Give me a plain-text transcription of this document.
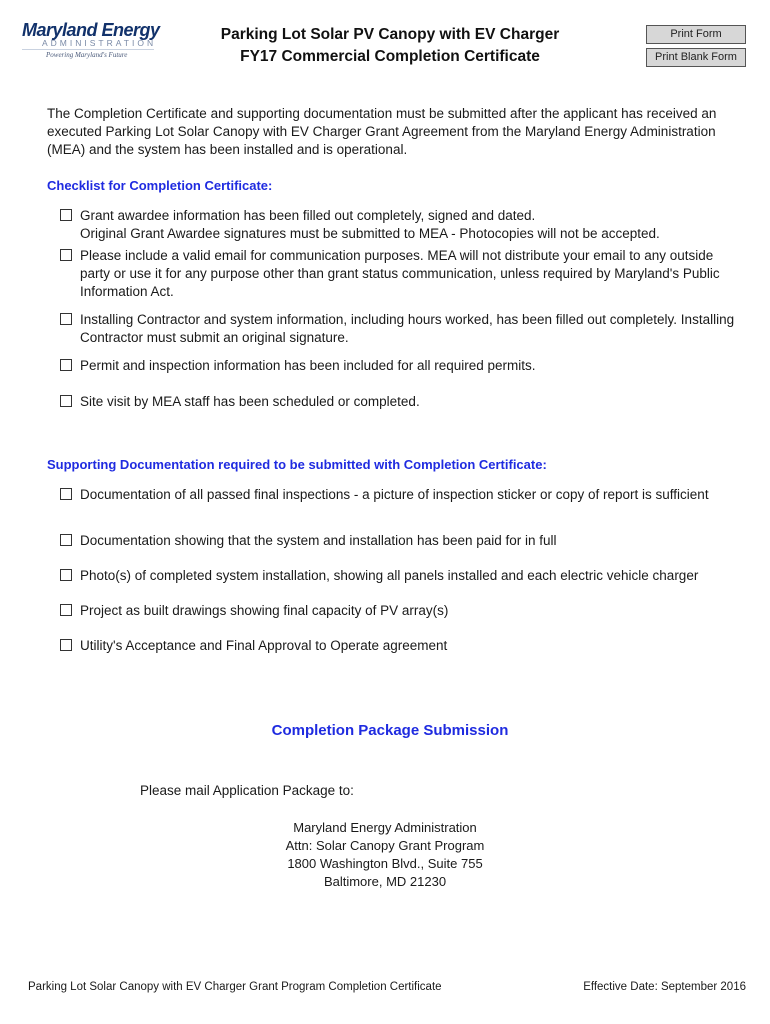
Maryland Energy
ADMINISTRATION
Powering Maryland's Future
Parking Lot Solar PV Canopy with EV Charger
FY17 Commercial Completion Certificate
Print Form
Print Blank Form
The Completion Certificate and supporting documentation must be submitted after the applicant has received an executed Parking Lot Solar Canopy with EV Charger Grant Agreement from the Maryland Energy Administration (MEA) and the system has been installed and is operational.
Checklist for Completion Certificate:
Grant awardee information has been filled out completely, signed and dated.
Original Grant Awardee signatures must be submitted to MEA - Photocopies will not be accepted.
Please include a valid email for communication purposes. MEA will not distribute your email to any outside party or use it for any purpose other than grant status communication, unless required by Maryland's Public Information Act.
Installing Contractor and system information, including hours worked, has been filled out completely. Installing Contractor must submit an original signature.
Permit and inspection information has been included for all required permits.
Site visit by MEA staff has been scheduled or completed.
Supporting Documentation required to be submitted with Completion Certificate:
Documentation of all passed final inspections - a picture of inspection sticker or copy of report is sufficient
Documentation showing that the system and installation has been paid for in full
Photo(s) of completed system installation, showing all panels installed and each electric vehicle charger
Project as built drawings showing final capacity of PV array(s)
Utility's Acceptance and Final Approval to Operate agreement
Completion Package Submission
Please mail Application Package to:
Maryland Energy Administration
Attn: Solar Canopy Grant Program
1800 Washington Blvd., Suite 755
Baltimore, MD 21230
Parking Lot Solar Canopy with EV Charger Grant Program Completion Certificate	Effective Date: September 2016
